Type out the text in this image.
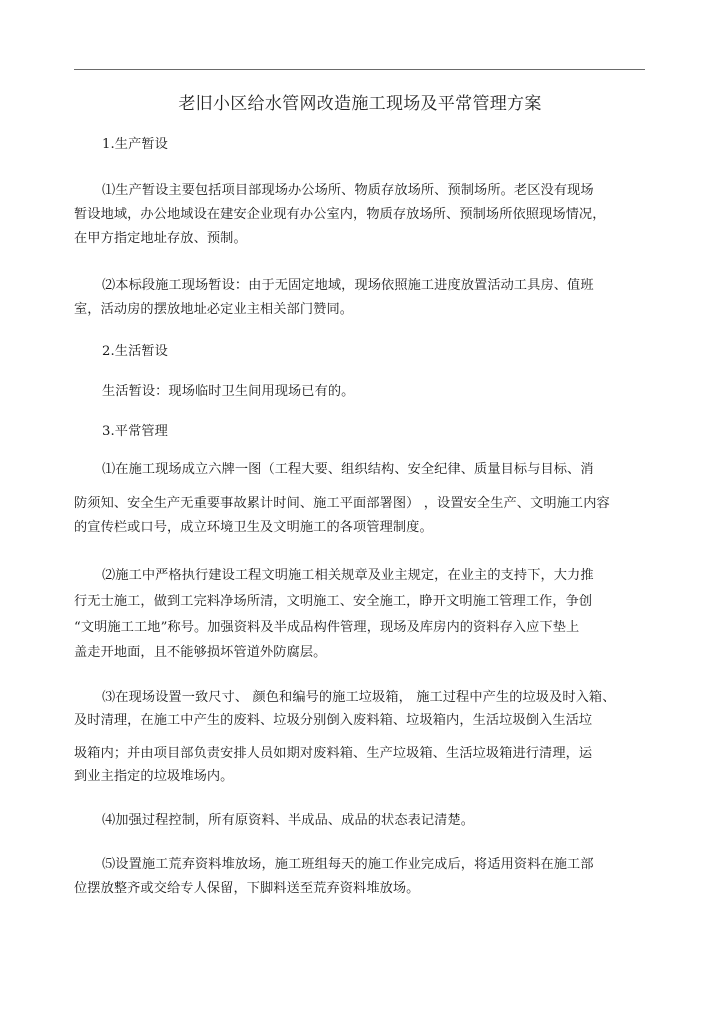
老旧小区给水管网改造施工现场及平常管理方案
1.生产暂设
⑴生产暂设主要包括项目部现场办公场所、物质存放场所、预制场所。老区没有现场
暂设地域，办公地域设在建安企业现有办公室内，物质存放场所、预制场所依照现场情况，
在甲方指定地址存放、预制。
⑵本标段施工现场暂设：由于无固定地域，现场依照施工进度放置活动工具房、值班
室，活动房的摆放地址必定业主相关部门赞同。
2.生活暂设
生活暂设：现场临时卫生间用现场已有的。
3.平常管理
⑴在施工现场成立六牌一图（工程大要、组织结构、安全纪律、质量目标与目标、消
防须知、安全生产无重要事故累计时间、施工平面部署图） ，设置安全生产、文明施工内容
的宣传栏或口号，成立环境卫生及文明施工的各项管理制度。
⑵施工中严格执行建设工程文明施工相关规章及业主规定，在业主的支持下，大力推
行无士施工，做到工完料净场所清，文明施工、安全施工，睁开文明施工管理工作，争创
“文明施工工地”称号。加强资料及半成品构件管理，现场及库房内的资料存入应下垫上
盖走开地面，且不能够损坏管道外防腐层。
⑶在现场设置一致尺寸、 颜色和编号的施工垃圾箱， 施工过程中产生的垃圾及时入箱、
及时清理，在施工中产生的废料、垃圾分别倒入废料箱、垃圾箱内，生活垃圾倒入生活垃
圾箱内；并由项目部负责安排人员如期对废料箱、生产垃圾箱、生活垃圾箱进行清理，运
到业主指定的垃圾堆场内。
⑷加强过程控制，所有原资料、半成品、成品的状态表记清楚。
⑸设置施工荒弃资料堆放场，施工班组每天的施工作业完成后，将适用资料在施工部
位摆放整齐或交给专人保留，下脚料送至荒弃资料堆放场。
